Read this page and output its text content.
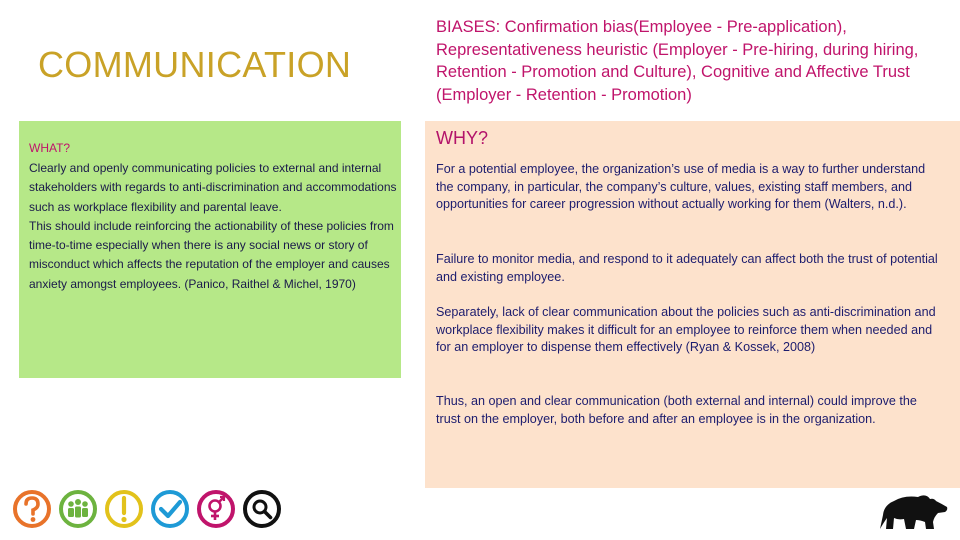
COMMUNICATION
BIASES: Confirmation bias(Employee - Pre-application), Representativeness heuristic (Employer - Pre-hiring, during hiring, Retention - Promotion and Culture), Cognitive and Affective Trust (Employer - Retention - Promotion)
WHAT?

Clearly and openly communicating policies to external and internal stakeholders with regards to anti-discrimination and accommodations such as workplace flexibility and parental leave.

This should include reinforcing the actionability of these policies from time-to-time especially when there is any social news or story of misconduct which affects the reputation of the employer and causes anxiety amongst employees. (Panico, Raithel & Michel, 1970)

WHY?

For a potential employee, the organization’s use of media is a way to further understand the company, in particular, the company’s culture, values, existing staff members, and opportunities for career progression without actually working for them (Walters, n.d.).

Failure to monitor media, and respond to it adequately can affect both the trust of potential and existing employee.

Separately, lack of clear communication about the policies such as anti-discrimination and workplace flexibility makes it difficult for an employee to reinforce them when needed and for an employer to dispense them effectively (Ryan & Kossek, 2008)

Thus, an open and clear communication (both external and internal) could improve the trust on the employer, both before and after an employee is in the organization.
